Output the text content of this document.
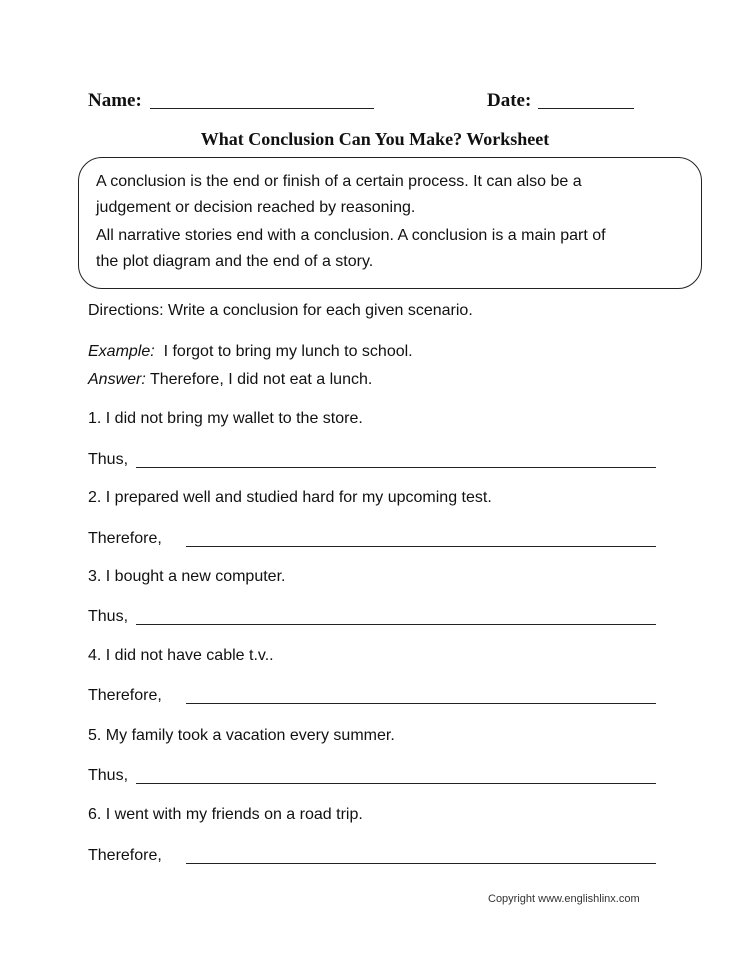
Name:	Date:
What Conclusion Can You Make? Worksheet
A conclusion is the end or finish of a certain process. It can also be a
judgement or decision reached by reasoning.
All narrative stories end with a conclusion. A conclusion is a main part of
the plot diagram and the end of a story.
Directions: Write a conclusion for each given scenario.
Example: I forgot to bring my lunch to school.
Answer: Therefore, I did not eat a lunch.
1. I did not bring my wallet to the store.
Thus,
2. I prepared well and studied hard for my upcoming test.
Therefore,
3. I bought a new computer.
Thus,
4. I did not have cable t.v..
Therefore,
5. My family took a vacation every summer.
Thus,
6. I went with my friends on a road trip.
Therefore,
Copyright www.englishlinx.com
